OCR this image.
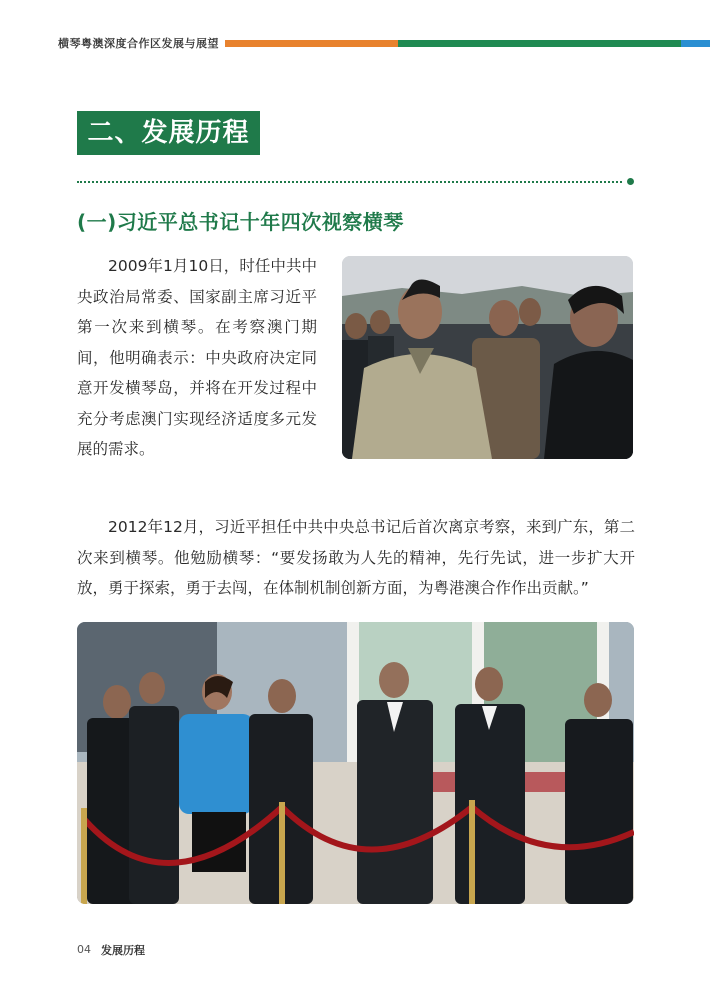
横琴粤澳深度合作区发展与展望
二、发展历程
(一)习近平总书记十年四次视察横琴

2009年1月10日，时任中共中央政治局常委、国家副主席习近平第一次来到横琴。在考察澳门期间，他明确表示：中央政府决定同意开发横琴岛，并将在开发过程中充分考虑澳门实现经济适度多元发展的需求。

2012年12月，习近平担任中共中央总书记后首次离京考察，来到广东，第二次来到横琴。他勉励横琴：“要发扬敢为人先的精神，先行先试，进一步扩大开放，勇于探索，勇于去闯，在体制机制创新方面，为粤港澳合作作出贡献。”

04 发展历程
